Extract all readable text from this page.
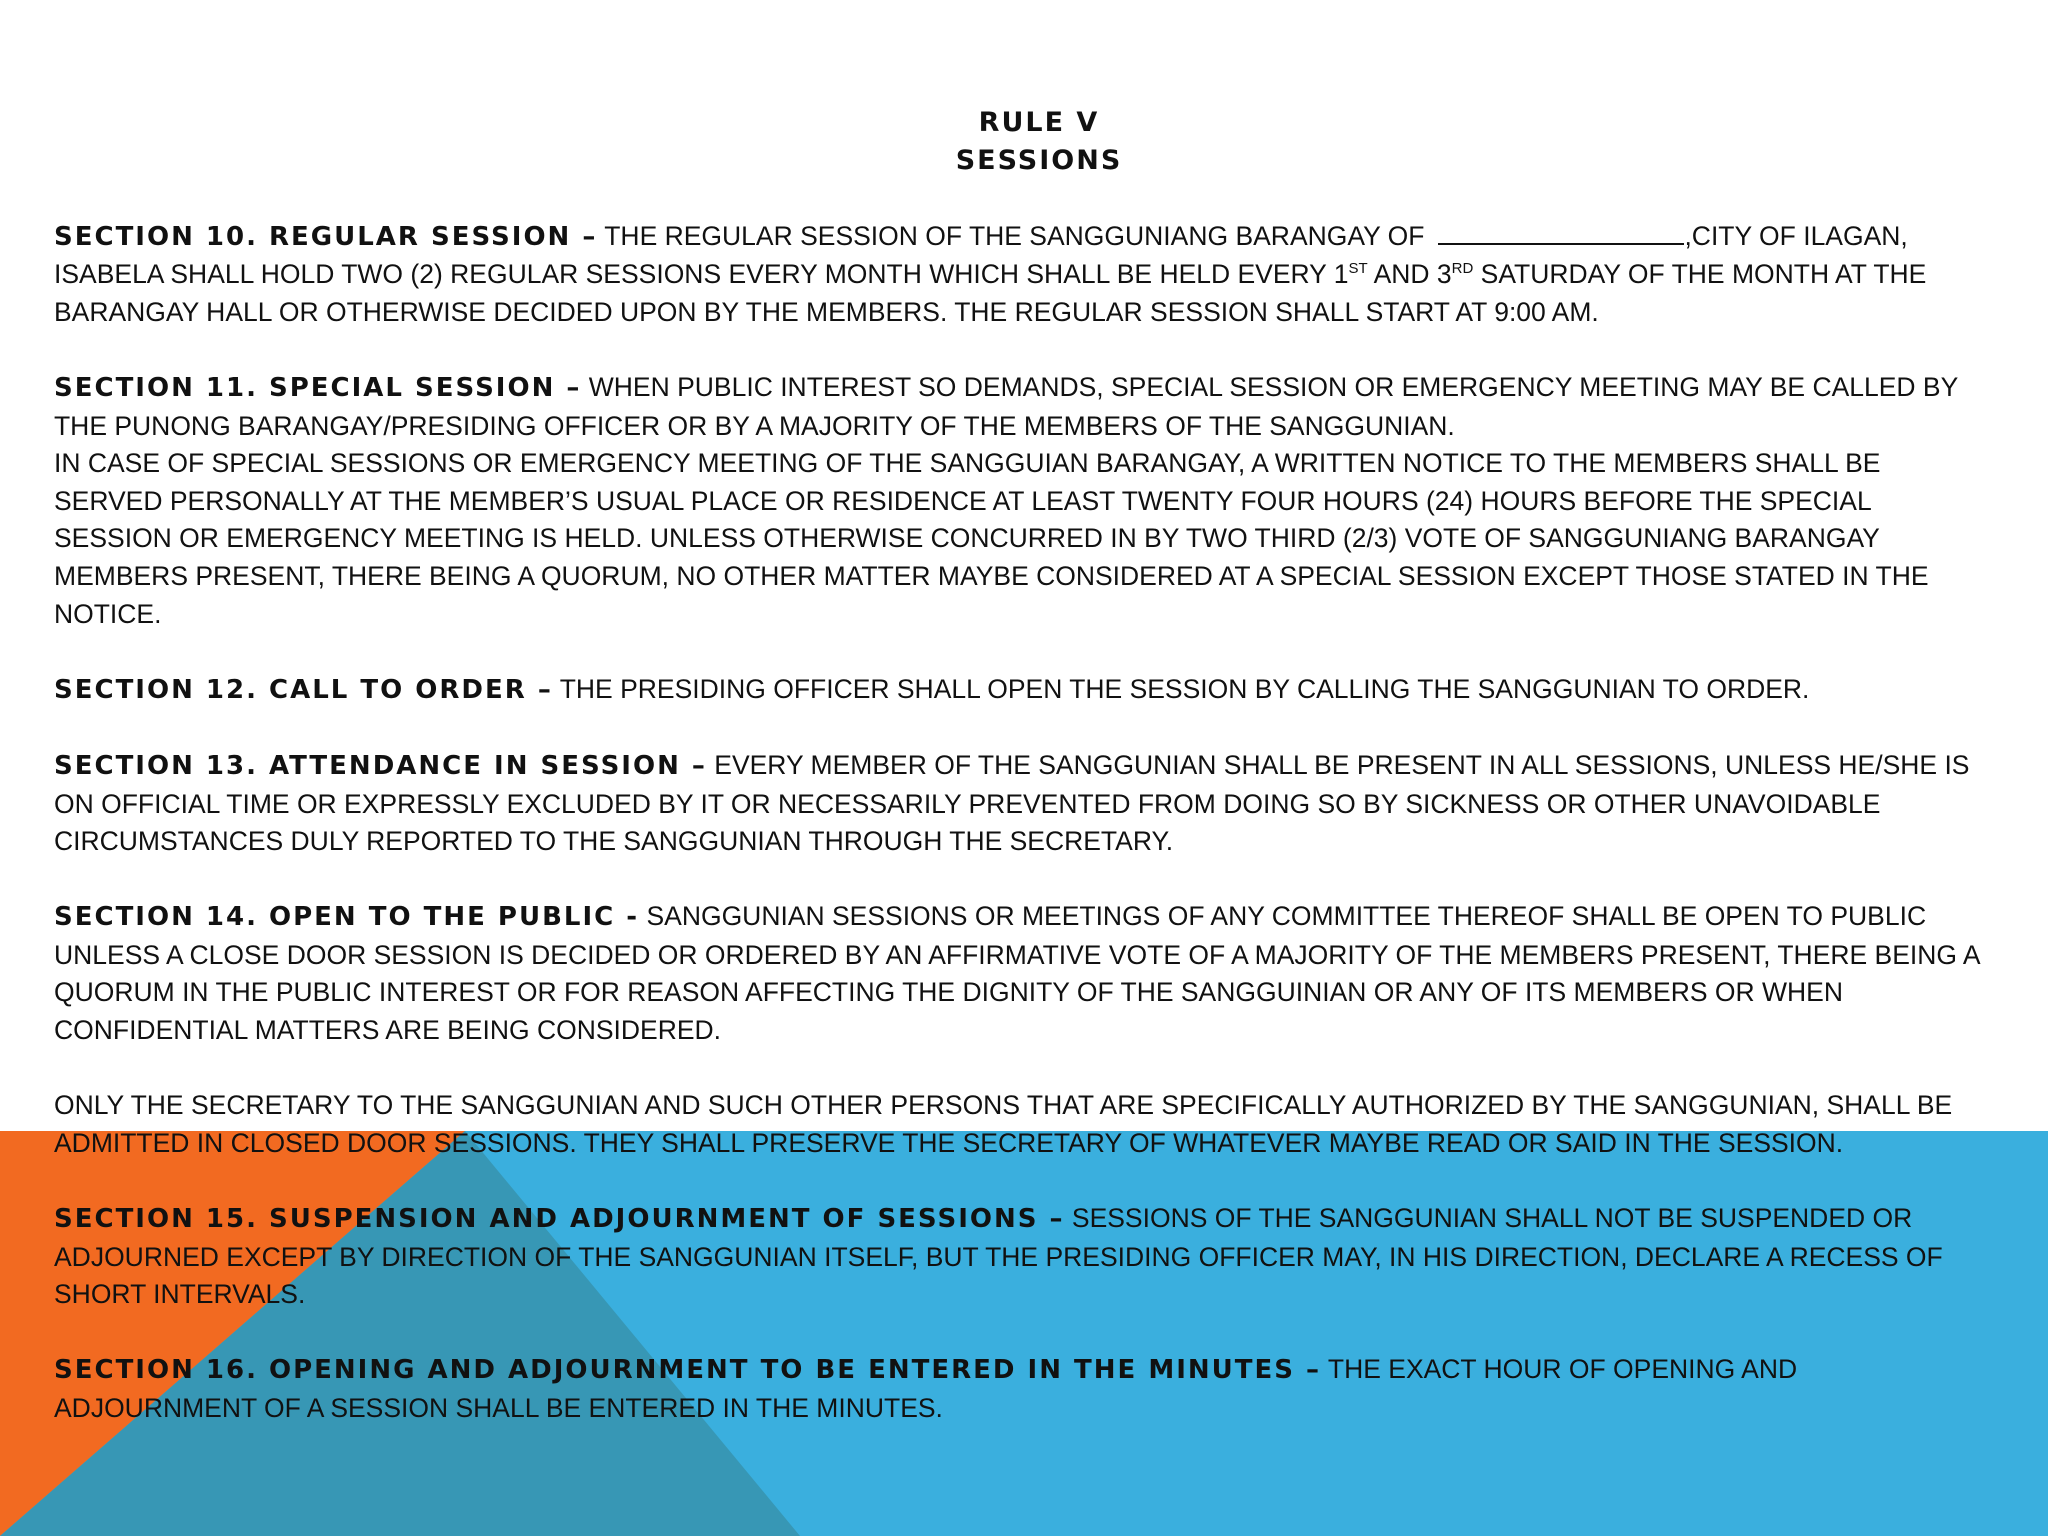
RULE V
SESSIONS
SECTION 10. REGULAR SESSION – THE REGULAR SESSION OF THE SANGGUNIANG BARANGAY OF	,CITY OF ILAGAN, ISABELA SHALL HOLD TWO (2) REGULAR SESSIONS EVERY MONTH WHICH SHALL BE HELD EVERY 1ST AND 3RD SATURDAY OF THE MONTH AT THE BARANGAY HALL OR OTHERWISE DECIDED UPON BY THE MEMBERS. THE REGULAR SESSION SHALL START AT 9:00 AM.
SECTION 11. SPECIAL SESSION – WHEN PUBLIC INTEREST SO DEMANDS, SPECIAL SESSION OR EMERGENCY MEETING MAY BE CALLED BY THE PUNONG BARANGAY/PRESIDING OFFICER OR BY A MAJORITY OF THE MEMBERS OF THE SANGGUNIAN.
IN CASE OF SPECIAL SESSIONS OR EMERGENCY MEETING OF THE SANGGUIAN BARANGAY, A WRITTEN NOTICE TO THE MEMBERS SHALL BE SERVED PERSONALLY AT THE MEMBER’S USUAL PLACE OR RESIDENCE AT LEAST TWENTY FOUR HOURS (24) HOURS BEFORE THE SPECIAL SESSION OR EMERGENCY MEETING IS HELD. UNLESS OTHERWISE CONCURRED IN BY TWO THIRD (2/3) VOTE OF SANGGUNIANG BARANGAY MEMBERS PRESENT, THERE BEING A QUORUM, NO OTHER MATTER MAYBE CONSIDERED AT A SPECIAL SESSION EXCEPT THOSE STATED IN THE NOTICE.
SECTION 12. CALL TO ORDER – THE PRESIDING OFFICER SHALL OPEN THE SESSION BY CALLING THE SANGGUNIAN TO ORDER.
SECTION 13. ATTENDANCE IN SESSION – EVERY MEMBER OF THE SANGGUNIAN SHALL BE PRESENT IN ALL SESSIONS, UNLESS HE/SHE IS ON OFFICIAL TIME OR EXPRESSLY EXCLUDED BY IT OR NECESSARILY PREVENTED FROM DOING SO BY SICKNESS OR OTHER UNAVOIDABLE CIRCUMSTANCES DULY REPORTED TO THE SANGGUNIAN THROUGH THE SECRETARY.
SECTION 14. OPEN TO THE PUBLIC - SANGGUNIAN SESSIONS OR MEETINGS OF ANY COMMITTEE THEREOF SHALL BE OPEN TO PUBLIC UNLESS A CLOSE DOOR SESSION IS DECIDED OR ORDERED BY AN AFFIRMATIVE VOTE OF A MAJORITY OF THE MEMBERS PRESENT, THERE BEING A QUORUM IN THE PUBLIC INTEREST OR FOR REASON AFFECTING THE DIGNITY OF THE SANGGUINIAN OR ANY OF ITS MEMBERS OR WHEN CONFIDENTIAL MATTERS ARE BEING CONSIDERED.
ONLY THE SECRETARY TO THE SANGGUNIAN AND SUCH OTHER PERSONS THAT ARE SPECIFICALLY AUTHORIZED BY THE SANGGUNIAN, SHALL BE ADMITTED IN CLOSED DOOR SESSIONS. THEY SHALL PRESERVE THE SECRETARY OF WHATEVER MAYBE READ OR SAID IN THE SESSION.
SECTION 15. SUSPENSION AND ADJOURNMENT OF SESSIONS – SESSIONS OF THE SANGGUNIAN SHALL NOT BE SUSPENDED OR ADJOURNED EXCEPT BY DIRECTION OF THE SANGGUNIAN ITSELF, BUT THE PRESIDING OFFICER MAY, IN HIS DIRECTION, DECLARE A RECESS OF SHORT INTERVALS.
SECTION 16. OPENING AND ADJOURNMENT TO BE ENTERED IN THE MINUTES – THE EXACT HOUR OF OPENING AND ADJOURNMENT OF A SESSION SHALL BE ENTERED IN THE MINUTES.
